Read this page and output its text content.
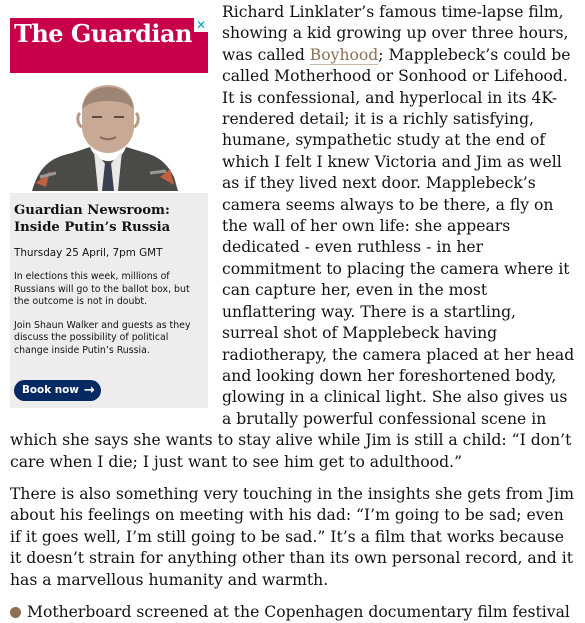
The Guardian ✕

Guardian Newsroom: Inside Putin’s Russia

Thursday 25 April, 7pm GMT

In elections this week, millions of Russians will go to the ballot box, but the outcome is not in doubt.

Join Shaun Walker and guests as they discuss the possibility of political change inside Putin’s Russia.

Book now →

Richard Linklater’s famous time-lapse film, showing a kid growing up over three hours, was called Boyhood; Mapplebeck’s could be called Motherhood or Sonhood or Lifehood. It is confessional, and hyperlocal in its 4K-rendered detail; it is a richly satisfying, humane, sympathetic study at the end of which I felt I knew Victoria and Jim as well as if they lived next door. Mapplebeck’s camera seems always to be there, a fly on the wall of her own life: she appears dedicated - even ruthless - in her commitment to placing the camera where it can capture her, even in the most unflattering way. There is a startling, surreal shot of Mapplebeck having radiotherapy, the camera placed at her head and looking down her foreshortened body, glowing in a clinical light. She also gives us a brutally powerful confessional scene in which she says she wants to stay alive while Jim is still a child: “I don’t care when I die; I just want to see him get to adulthood.”

There is also something very touching in the insights she gets from Jim about his feelings on meeting with his dad: “I’m going to be sad; even if it goes well, I’m still going to be sad.” It’s a film that works because it doesn’t strain for anything other than its own personal record, and it has a marvellous humanity and warmth.

Motherboard screened at the Copenhagen documentary film festival
